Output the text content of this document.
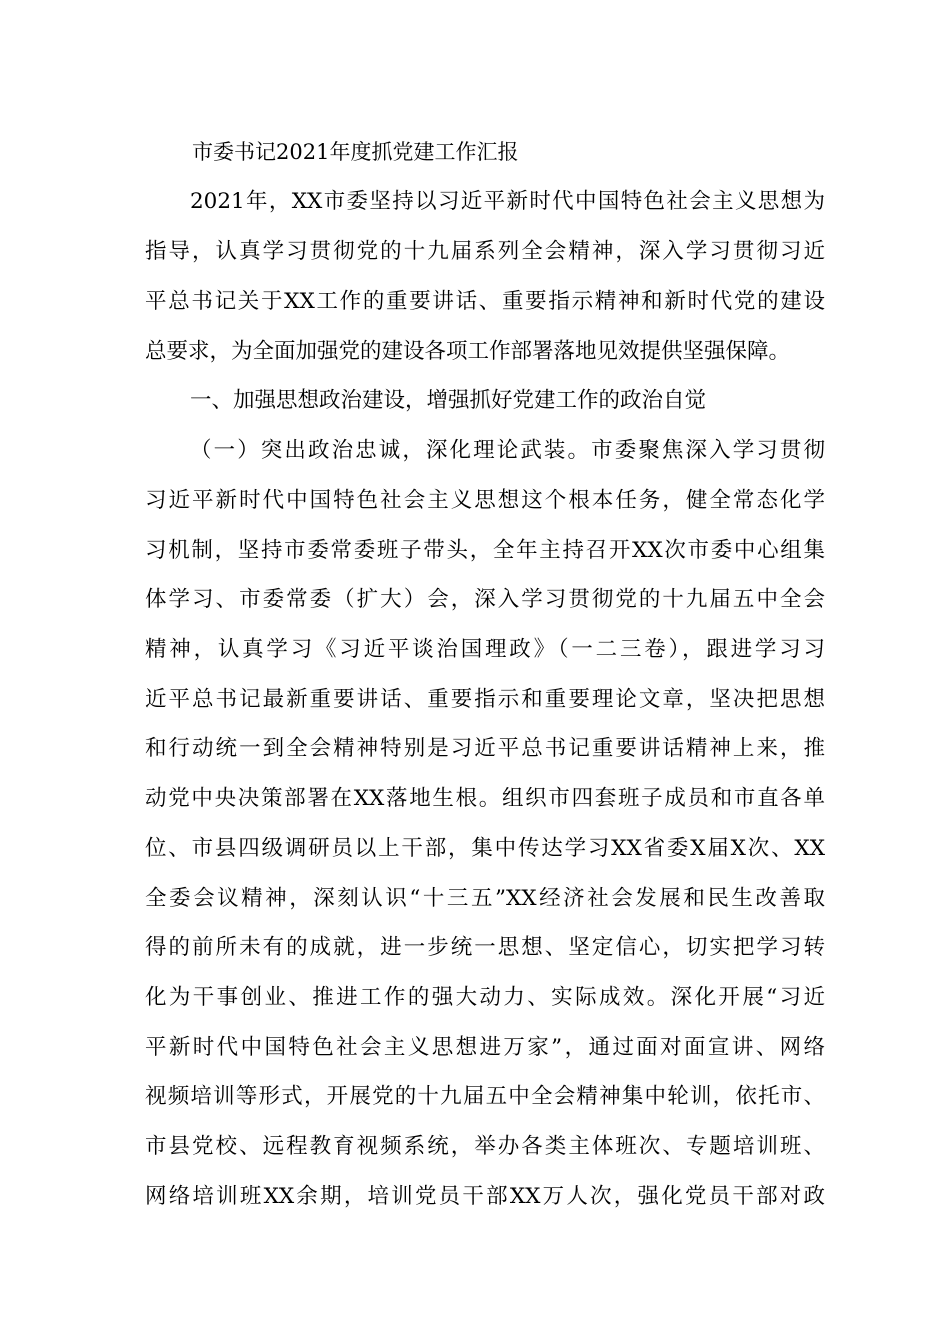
市委书记2021年度抓党建工作汇报
2021年，XX市委坚持以习近平新时代中国特色社会主义思想为
指导，认真学习贯彻党的十九届系列全会精神，深入学习贯彻习近
平总书记关于XX工作的重要讲话、重要指示精神和新时代党的建设
总要求，为全面加强党的建设各项工作部署落地见效提供坚强保障。
一、加强思想政治建设，增强抓好党建工作的政治自觉
（一）突出政治忠诚，深化理论武装。市委聚焦深入学习贯彻
习近平新时代中国特色社会主义思想这个根本任务，健全常态化学
习机制，坚持市委常委班子带头，全年主持召开XX次市委中心组集
体学习、市委常委（扩大）会，深入学习贯彻党的十九届五中全会
精神，认真学习《习近平谈治国理政》（一二三卷），跟进学习习
近平总书记最新重要讲话、重要指示和重要理论文章，坚决把思想
和行动统一到全会精神特别是习近平总书记重要讲话精神上来，推
动党中央决策部署在XX落地生根。组织市四套班子成员和市直各单
位、市县四级调研员以上干部，集中传达学习XX省委X届X次、XX
全委会议精神，深刻认识“十三五”XX经济社会发展和民生改善取
得的前所未有的成就，进一步统一思想、坚定信心，切实把学习转
化为干事创业、推进工作的强大动力、实际成效。深化开展“习近
平新时代中国特色社会主义思想进万家”，通过面对面宣讲、网络
视频培训等形式，开展党的十九届五中全会精神集中轮训，依托市、
市县党校、远程教育视频系统，举办各类主体班次、专题培训班、
网络培训班XX余期，培训党员干部XX万人次，强化党员干部对政
